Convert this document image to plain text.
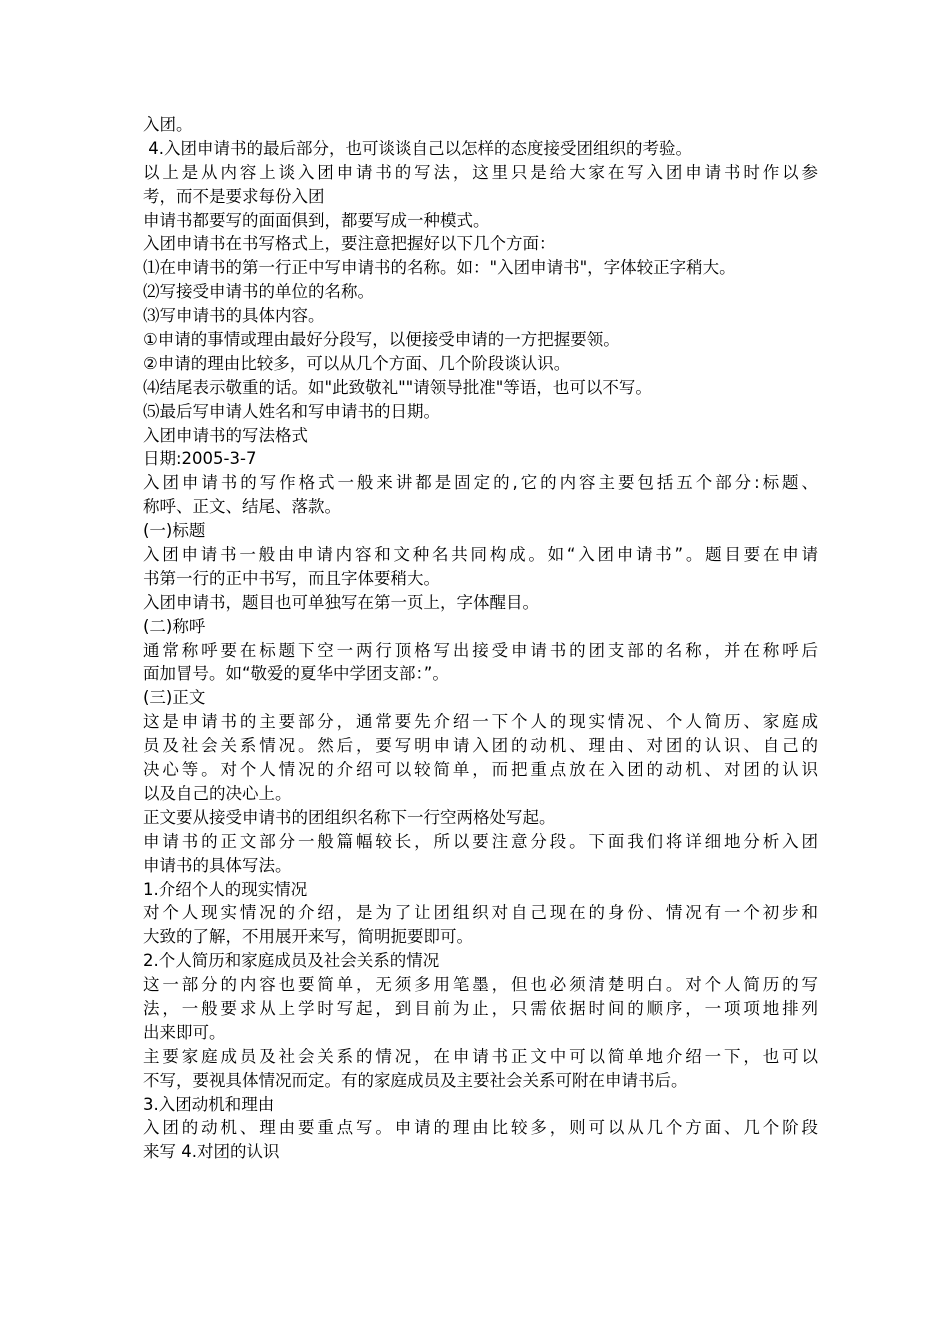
入团。
4.入团申请书的最后部分，也可谈谈自己以怎样的态度接受团组织的考验。
以上是从内容上谈入团申请书的写法，这里只是给大家在写入团申请书时作以参
考，而不是要求每份入团
申请书都要写的面面俱到，都要写成一种模式。
入团申请书在书写格式上，要注意把握好以下几个方面：
⑴在申请书的第一行正中写申请书的名称。如："入团申请书"，字体较正字稍大。
⑵写接受申请书的单位的名称。
⑶写申请书的具体内容。
①申请的事情或理由最好分段写，以便接受申请的一方把握要领。
②申请的理由比较多，可以从几个方面、几个阶段谈认识。
⑷结尾表示敬重的话。如"此致敬礼""请领导批准"等语，也可以不写。
⑸最后写申请人姓名和写申请书的日期。
入团申请书的写法格式
日期:2005-3-7
入团申请书的写作格式一般来讲都是固定的,它的内容主要包括五个部分:标题、
称呼、正文、结尾、落款。
(一)标题
入团申请书一般由申请内容和文种名共同构成。如“入团申请书”。题目要在申请
书第一行的正中书写，而且字体要稍大。
入团申请书，题目也可单独写在第一页上，字体醒目。
(二)称呼
通常称呼要在标题下空一两行顶格写出接受申请书的团支部的名称，并在称呼后
面加冒号。如“敬爱的夏华中学团支部：”。
(三)正文
这是申请书的主要部分，通常要先介绍一下个人的现实情况、个人简历、家庭成
员及社会关系情况。然后，要写明申请入团的动机、理由、对团的认识、自己的
决心等。对个人情况的介绍可以较简单，而把重点放在入团的动机、对团的认识
以及自己的决心上。
正文要从接受申请书的团组织名称下一行空两格处写起。
申请书的正文部分一般篇幅较长，所以要注意分段。下面我们将详细地分析入团
申请书的具体写法。
1.介绍个人的现实情况
对个人现实情况的介绍，是为了让团组织对自己现在的身份、情况有一个初步和
大致的了解，不用展开来写，简明扼要即可。
2.个人简历和家庭成员及社会关系的情况
这一部分的内容也要简单，无须多用笔墨，但也必须清楚明白。对个人简历的写
法，一般要求从上学时写起，到目前为止，只需依据时间的顺序，一项项地排列
出来即可。
主要家庭成员及社会关系的情况，在申请书正文中可以简单地介绍一下，也可以
不写，要视具体情况而定。有的家庭成员及主要社会关系可附在申请书后。
3.入团动机和理由
入团的动机、理由要重点写。申请的理由比较多，则可以从几个方面、几个阶段
来写 4.对团的认识
